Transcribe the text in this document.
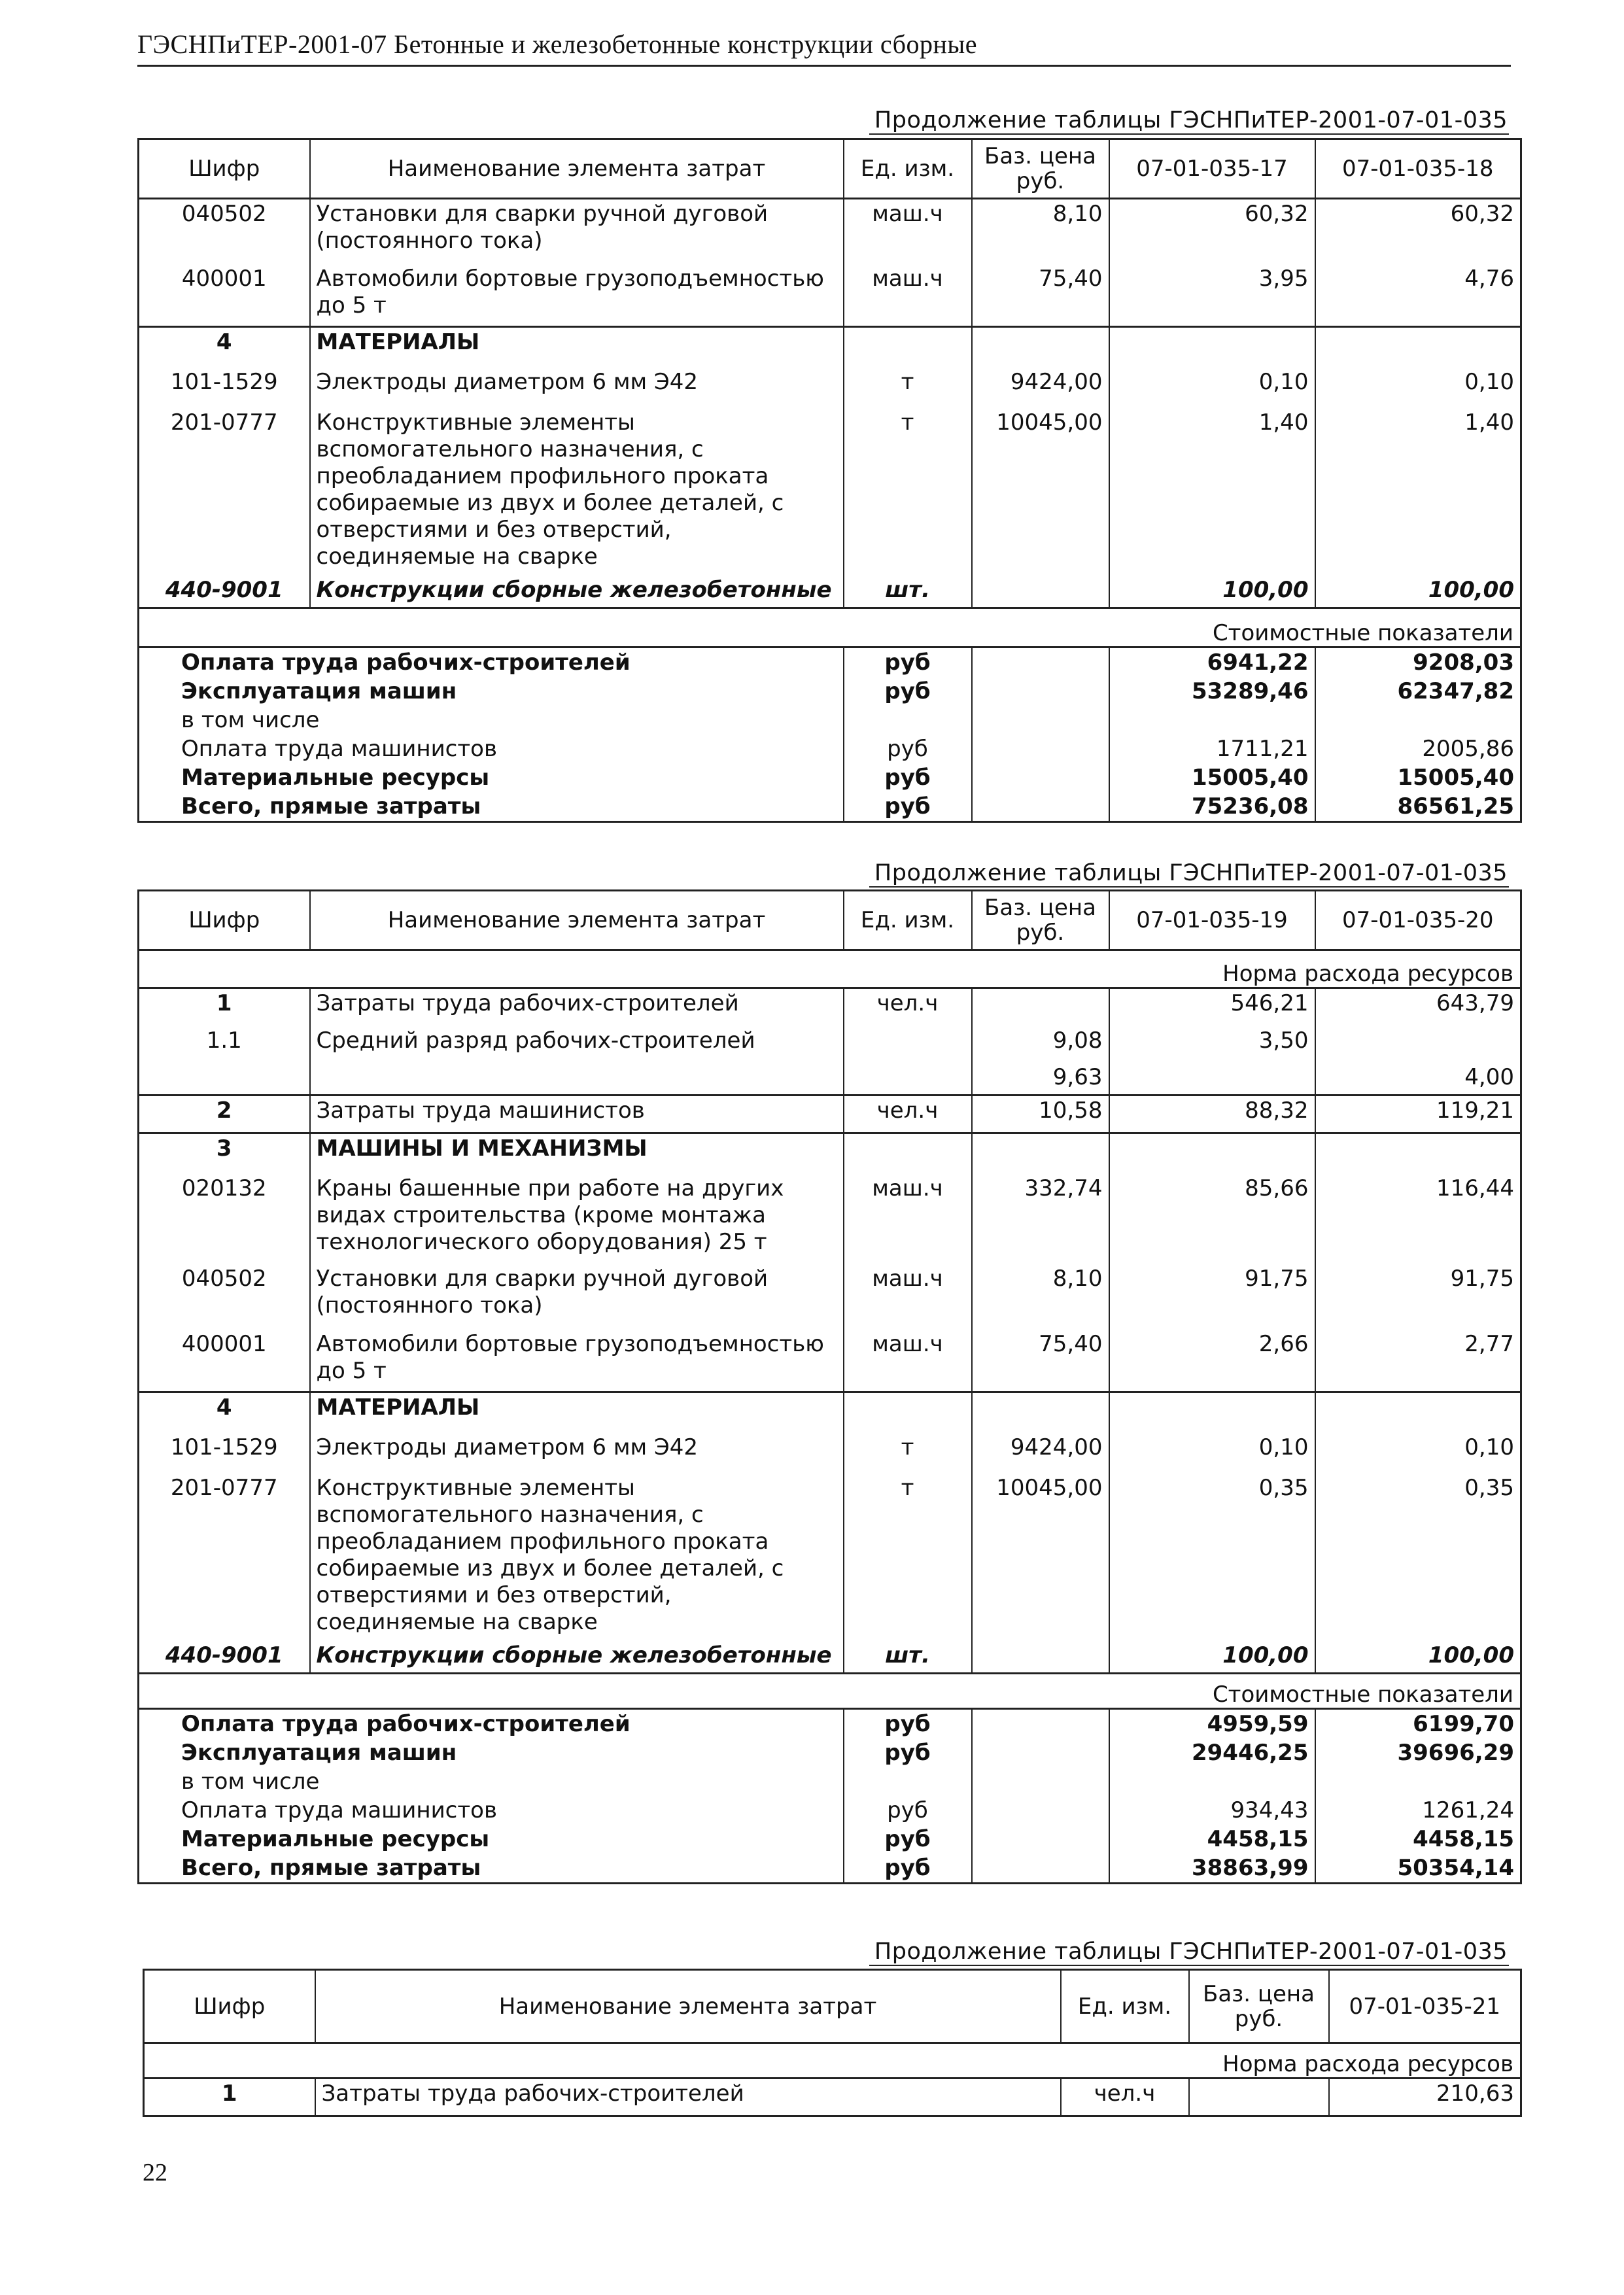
ГЭСНПиТЕР-2001-07 Бетонные и железобетонные конструкции сборные
Продолжение таблицы ГЭСНПиТЕР-2001-07-01-035
Шифр	Наименование элемента затрат	Ед. изм.	Баз. цена руб.	07-01-035-17	07-01-035-18
040502	Установки для сварки ручной дуговой (постоянного тока)	маш.ч	8,10	60,32	60,32
400001	Автомобили бортовые грузоподъемностью до 5 т	маш.ч	75,40	3,95	4,76
4	МАТЕРИАЛЫ				
101-1529	Электроды диаметром 6 мм Э42	т	9424,00	0,10	0,10
201-0777	Конструктивные элементы вспомогательного назначения, с преобладанием профильного проката собираемые из двух и более деталей, с отверстиями и без отверстий, соединяемые на сварке	т	10045,00	1,40	1,40
440-9001	Конструкции сборные железобетонные	шт.		100,00	100,00
Стоимостные показатели					
Оплата труда рабочих-строителей		руб		6941,22	9208,03
Эксплуатация машин		руб		53289,46	62347,82
в том числе					
Оплата труда машинистов		руб		1711,21	2005,86
Материальные ресурсы		руб		15005,40	15005,40
Всего, прямые затраты		руб		75236,08	86561,25
Продолжение таблицы ГЭСНПиТЕР-2001-07-01-035
Шифр	Наименование элемента затрат	Ед. изм.	Баз. цена руб.	07-01-035-19	07-01-035-20
Норма расхода ресурсов					
1	Затраты труда рабочих-строителей	чел.ч		546,21	643,79
1.1	Средний разряд рабочих-строителей		9,08	3,50	
			9,63		4,00
2	Затраты труда машинистов	чел.ч	10,58	88,32	119,21
3	МАШИНЫ И МЕХАНИЗМЫ				
020132	Краны башенные при работе на других видах строительства (кроме монтажа технологического оборудования) 25 т	маш.ч	332,74	85,66	116,44
040502	Установки для сварки ручной дуговой (постоянного тока)	маш.ч	8,10	91,75	91,75
400001	Автомобили бортовые грузоподъемностью до 5 т	маш.ч	75,40	2,66	2,77
4	МАТЕРИАЛЫ				
101-1529	Электроды диаметром 6 мм Э42	т	9424,00	0,10	0,10
201-0777	Конструктивные элементы вспомогательного назначения, с преобладанием профильного проката собираемые из двух и более деталей, с отверстиями и без отверстий, соединяемые на сварке	т	10045,00	0,35	0,35
440-9001	Конструкции сборные железобетонные	шт.		100,00	100,00
Стоимостные показатели					
Оплата труда рабочих-строителей		руб		4959,59	6199,70
Эксплуатация машин		руб		29446,25	39696,29
в том числе					
Оплата труда машинистов		руб		934,43	1261,24
Материальные ресурсы		руб		4458,15	4458,15
Всего, прямые затраты		руб		38863,99	50354,14
Продолжение таблицы ГЭСНПиТЕР-2001-07-01-035
Шифр	Наименование элемента затрат	Ед. изм.	Баз. цена руб.	07-01-035-21
Норма расхода ресурсов				
1	Затраты труда рабочих-строителей	чел.ч		210,63
22
